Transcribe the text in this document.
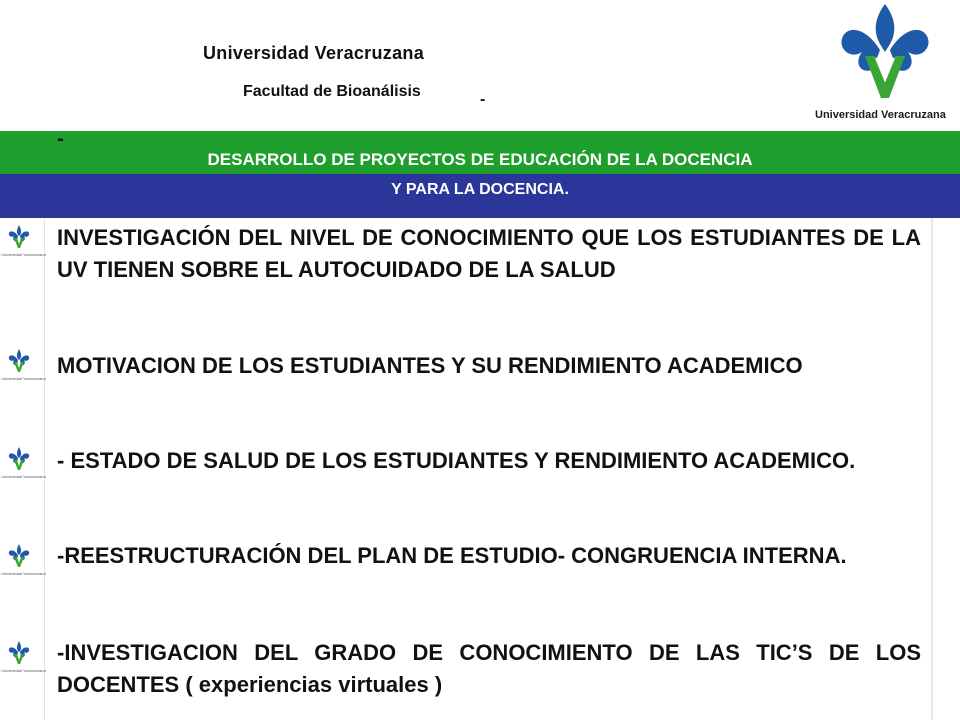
Universidad Veracruzana
Facultad de Bioanálisis	-
Universidad Veracruzana
-
DESARROLLO DE PROYECTOS DE EDUCACIÓN DE LA DOCENCIA
Y PARA LA DOCENCIA.
Universidad Veracruzana
Universidad Veracruzana
Universidad Veracruzana
Universidad Veracruzana
Universidad Veracruzana
INVESTIGACIÓN DEL NIVEL DE CONOCIMIENTO QUE LOS ESTUDIANTES DE LA UV TIENEN SOBRE EL AUTOCUIDADO DE LA SALUD
MOTIVACION DE LOS ESTUDIANTES Y SU RENDIMIENTO ACADEMICO
- ESTADO DE SALUD DE LOS ESTUDIANTES Y RENDIMIENTO ACADEMICO.
-REESTRUCTURACIÓN DEL PLAN DE ESTUDIO- CONGRUENCIA INTERNA.
-INVESTIGACION DEL GRADO DE CONOCIMIENTO DE LAS TIC’S DE LOS DOCENTES ( experiencias virtuales )
